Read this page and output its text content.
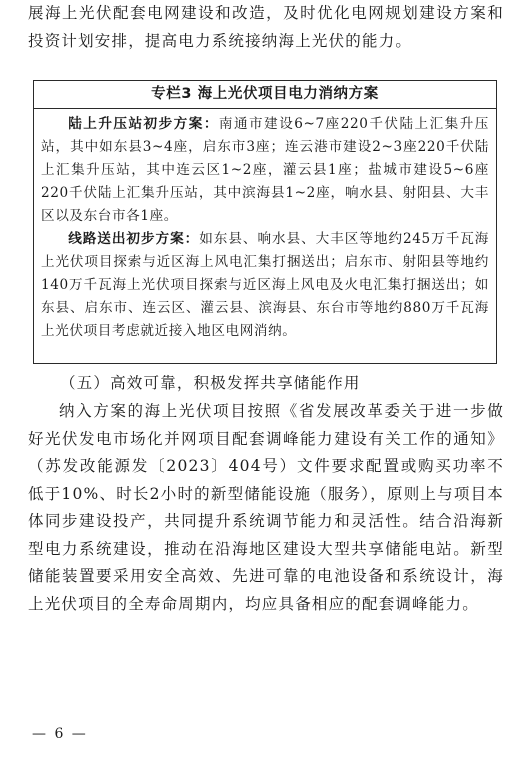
展海上光伏配套电网建设和改造，及时优化电网规划建设方案和投资计划安排，提高电力系统接纳海上光伏的能力。

专栏3 海上光伏项目电力消纳方案

陆上升压站初步方案：南通市建设6~7座220千伏陆上汇集升压站，其中如东县3~4座，启东市3座；连云港市建设2~3座220千伏陆上汇集升压站，其中连云区1~2座，灌云县1座；盐城市建设5~6座220千伏陆上汇集升压站，其中滨海县1~2座，响水县、射阳县、大丰区以及东台市各1座。

线路送出初步方案：如东县、响水县、大丰区等地约245万千瓦海上光伏项目探索与近区海上风电汇集打捆送出；启东市、射阳县等地约140万千瓦海上光伏项目探索与近区海上风电及火电汇集打捆送出；如东县、启东市、连云区、灌云县、滨海县、东台市等地约880万千瓦海上光伏项目考虑就近接入地区电网消纳。

（五）高效可靠，积极发挥共享储能作用

纳入方案的海上光伏项目按照《省发展改革委关于进一步做好光伏发电市场化并网项目配套调峰能力建设有关工作的通知》（苏发改能源发〔2023〕404号）文件要求配置或购买功率不低于10%、时长2小时的新型储能设施（服务），原则上与项目本体同步建设投产，共同提升系统调节能力和灵活性。结合沿海新型电力系统建设，推动在沿海地区建设大型共享储能电站。新型储能装置要采用安全高效、先进可靠的电池设备和系统设计，海上光伏项目的全寿命周期内，均应具备相应的配套调峰能力。

— 6 —
